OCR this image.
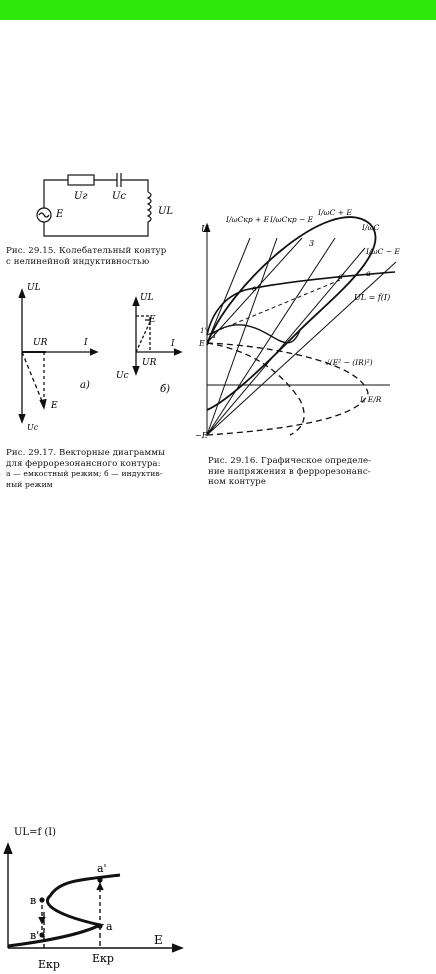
Uг Uс
UL
E
UL
UR	I
E
Uc
а)
UL
E
UR
I
Uc
б)
U
I/ωCкр + E I/ωCкр − E
I/ωC + E
I/ωC
I/ωC − E
UL = f(I)
√(E² − (IR)²)
I, E/R
E
−E
в
a'	a
1
3
1'
UL=f (I)
E
a'
a
в
в'
Eкр	Eкр
Рис. 29.15. Колебательный контур
с нелинейной индуктивностью
Рис. 29.17. Векторные диаграммы
для феррорезонансного контура:
а — емкостный режим; б — индуктив-
ный режим
Рис. 29.16. Графическое определе-
ние напряжения в феррорезонанс-
ном контуре
